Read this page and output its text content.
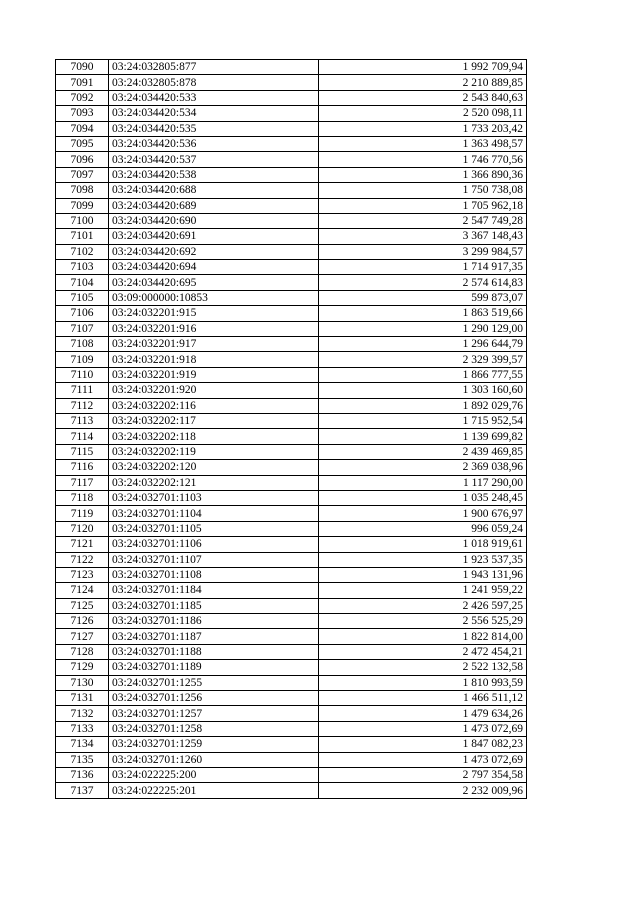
7090	03:24:032805:877	1 992 709,94
7091	03:24:032805:878	2 210 889,85
7092	03:24:034420:533	2 543 840,63
7093	03:24:034420:534	2 520 098,11
7094	03:24:034420:535	1 733 203,42
7095	03:24:034420:536	1 363 498,57
7096	03:24:034420:537	1 746 770,56
7097	03:24:034420:538	1 366 890,36
7098	03:24:034420:688	1 750 738,08
7099	03:24:034420:689	1 705 962,18
7100	03:24:034420:690	2 547 749,28
7101	03:24:034420:691	3 367 148,43
7102	03:24:034420:692	3 299 984,57
7103	03:24:034420:694	1 714 917,35
7104	03:24:034420:695	2 574 614,83
7105	03:09:000000:10853	599 873,07
7106	03:24:032201:915	1 863 519,66
7107	03:24:032201:916	1 290 129,00
7108	03:24:032201:917	1 296 644,79
7109	03:24:032201:918	2 329 399,57
7110	03:24:032201:919	1 866 777,55
7111	03:24:032201:920	1 303 160,60
7112	03:24:032202:116	1 892 029,76
7113	03:24:032202:117	1 715 952,54
7114	03:24:032202:118	1 139 699,82
7115	03:24:032202:119	2 439 469,85
7116	03:24:032202:120	2 369 038,96
7117	03:24:032202:121	1 117 290,00
7118	03:24:032701:1103	1 035 248,45
7119	03:24:032701:1104	1 900 676,97
7120	03:24:032701:1105	996 059,24
7121	03:24:032701:1106	1 018 919,61
7122	03:24:032701:1107	1 923 537,35
7123	03:24:032701:1108	1 943 131,96
7124	03:24:032701:1184	1 241 959,22
7125	03:24:032701:1185	2 426 597,25
7126	03:24:032701:1186	2 556 525,29
7127	03:24:032701:1187	1 822 814,00
7128	03:24:032701:1188	2 472 454,21
7129	03:24:032701:1189	2 522 132,58
7130	03:24:032701:1255	1 810 993,59
7131	03:24:032701:1256	1 466 511,12
7132	03:24:032701:1257	1 479 634,26
7133	03:24:032701:1258	1 473 072,69
7134	03:24:032701:1259	1 847 082,23
7135	03:24:032701:1260	1 473 072,69
7136	03:24:022225:200	2 797 354,58
7137	03:24:022225:201	2 232 009,96
